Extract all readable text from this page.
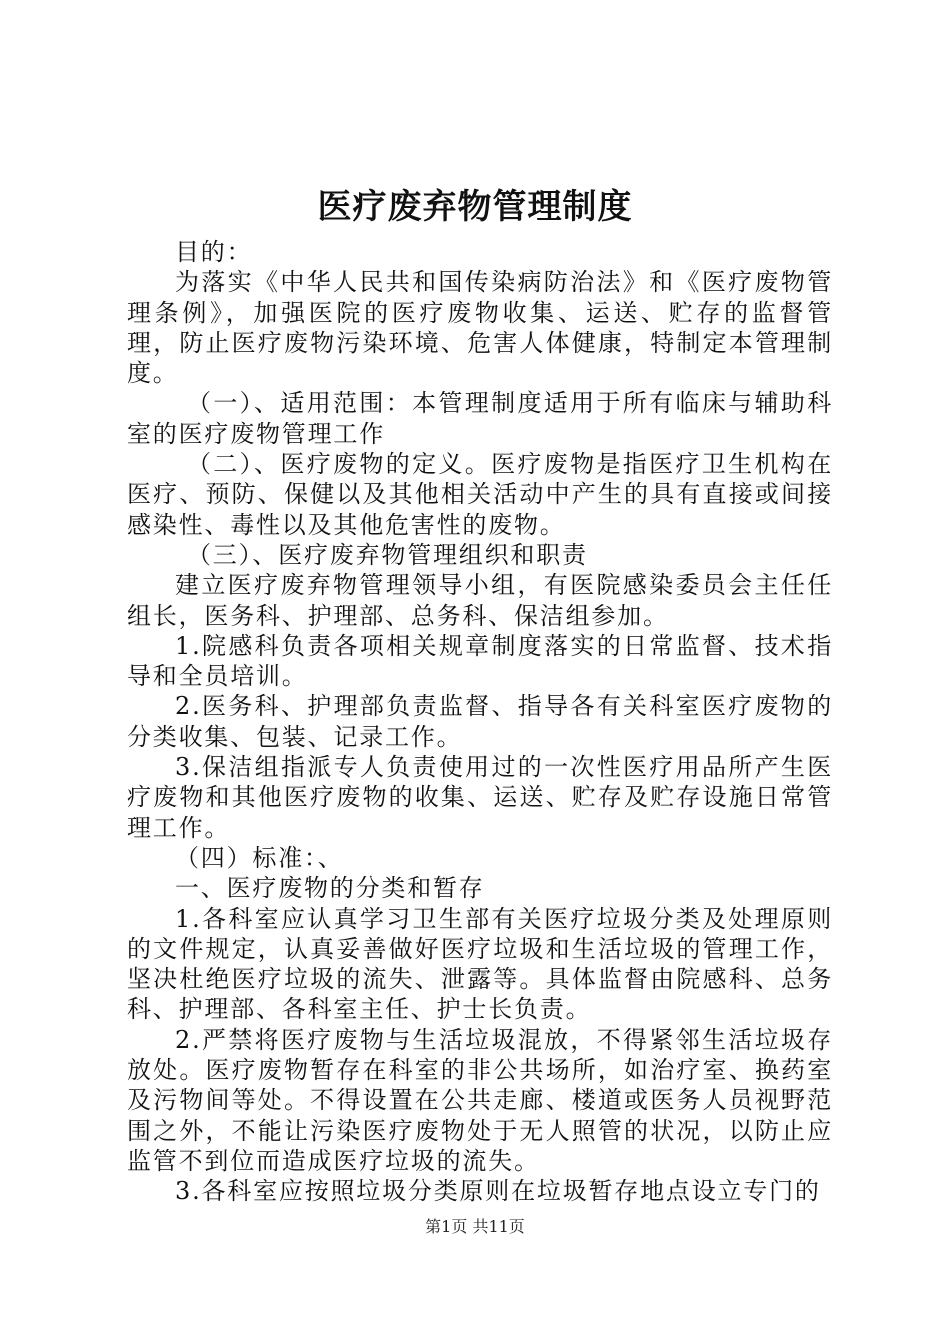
医疗废弃物管理制度

目的：

为落实《中华人民共和国传染病防治法》和《医疗废物管理条例》，加强医院的医疗废物收集、运送、贮存的监督管理，防止医疗废物污染环境、危害人体健康，特制定本管理制度。

（一）、适用范围：本管理制度适用于所有临床与辅助科室的医疗废物管理工作

（二）、医疗废物的定义。医疗废物是指医疗卫生机构在医疗、预防、保健以及其他相关活动中产生的具有直接或间接感染性、毒性以及其他危害性的废物。

（三）、医疗废弃物管理组织和职责

建立医疗废弃物管理领导小组，有医院感染委员会主任任组长，医务科、护理部、总务科、保洁组参加。

1.院感科负责各项相关规章制度落实的日常监督、技术指导和全员培训。

2.医务科、护理部负责监督、指导各有关科室医疗废物的分类收集、包装、记录工作。

3.保洁组指派专人负责使用过的一次性医疗用品所产生医疗废物和其他医疗废物的收集、运送、贮存及贮存设施日常管理工作。

（四）标准：、

一、医疗废物的分类和暂存

1.各科室应认真学习卫生部有关医疗垃圾分类及处理原则的文件规定，认真妥善做好医疗垃圾和生活垃圾的管理工作，坚决杜绝医疗垃圾的流失、泄露等。具体监督由院感科、总务科、护理部、各科室主任、护士长负责。

2.严禁将医疗废物与生活垃圾混放，不得紧邻生活垃圾存放处。医疗废物暂存在科室的非公共场所，如治疗室、换药室及污物间等处。不得设置在公共走廊、楼道或医务人员视野范围之外，不能让污染医疗废物处于无人照管的状况，以防止应监管不到位而造成医疗垃圾的流失。

3.各科室应按照垃圾分类原则在垃圾暂存地点设立专门的

第1页 共11页
